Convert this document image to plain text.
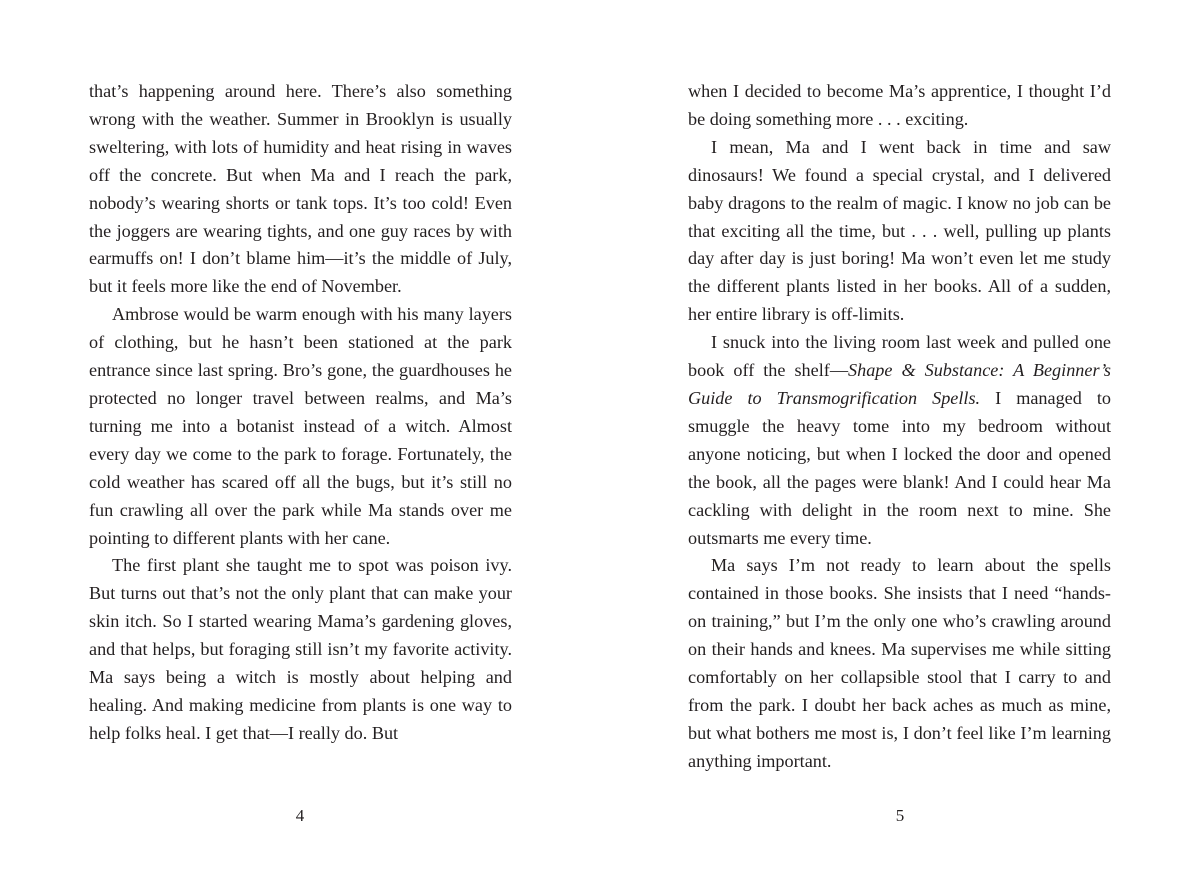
that’s happening around here. There’s also something wrong with the weather. Summer in Brooklyn is usually sweltering, with lots of humidity and heat rising in waves off the concrete. But when Ma and I reach the park, nobody’s wearing shorts or tank tops. It’s too cold! Even the joggers are wearing tights, and one guy races by with earmuffs on! I don’t blame him—it’s the middle of July, but it feels more like the end of November.

Ambrose would be warm enough with his many layers of clothing, but he hasn’t been stationed at the park entrance since last spring. Bro’s gone, the guardhouses he protected no longer travel between realms, and Ma’s turning me into a botanist instead of a witch. Almost every day we come to the park to forage. Fortunately, the cold weather has scared off all the bugs, but it’s still no fun crawling all over the park while Ma stands over me pointing to different plants with her cane.

The first plant she taught me to spot was poison ivy. But turns out that’s not the only plant that can make your skin itch. So I started wearing Mama’s gardening gloves, and that helps, but foraging still isn’t my favorite activity. Ma says being a witch is mostly about helping and healing. And making medicine from plants is one way to help folks heal. I get that—I really do. But

4

when I decided to become Ma’s apprentice, I thought I’d be doing something more . . . exciting.

I mean, Ma and I went back in time and saw dinosaurs! We found a special crystal, and I delivered baby dragons to the realm of magic. I know no job can be that exciting all the time, but . . . well, pulling up plants day after day is just boring! Ma won’t even let me study the different plants listed in her books. All of a sudden, her entire library is off-limits.

I snuck into the living room last week and pulled one book off the shelf—Shape & Substance: A Beginner’s Guide to Transmogrification Spells. I managed to smuggle the heavy tome into my bedroom without anyone noticing, but when I locked the door and opened the book, all the pages were blank! And I could hear Ma cackling with delight in the room next to mine. She outsmarts me every time.

Ma says I’m not ready to learn about the spells contained in those books. She insists that I need “hands-on training,” but I’m the only one who’s crawling around on their hands and knees. Ma supervises me while sitting comfortably on her collapsible stool that I carry to and from the park. I doubt her back aches as much as mine, but what bothers me most is, I don’t feel like I’m learning anything important.

5
